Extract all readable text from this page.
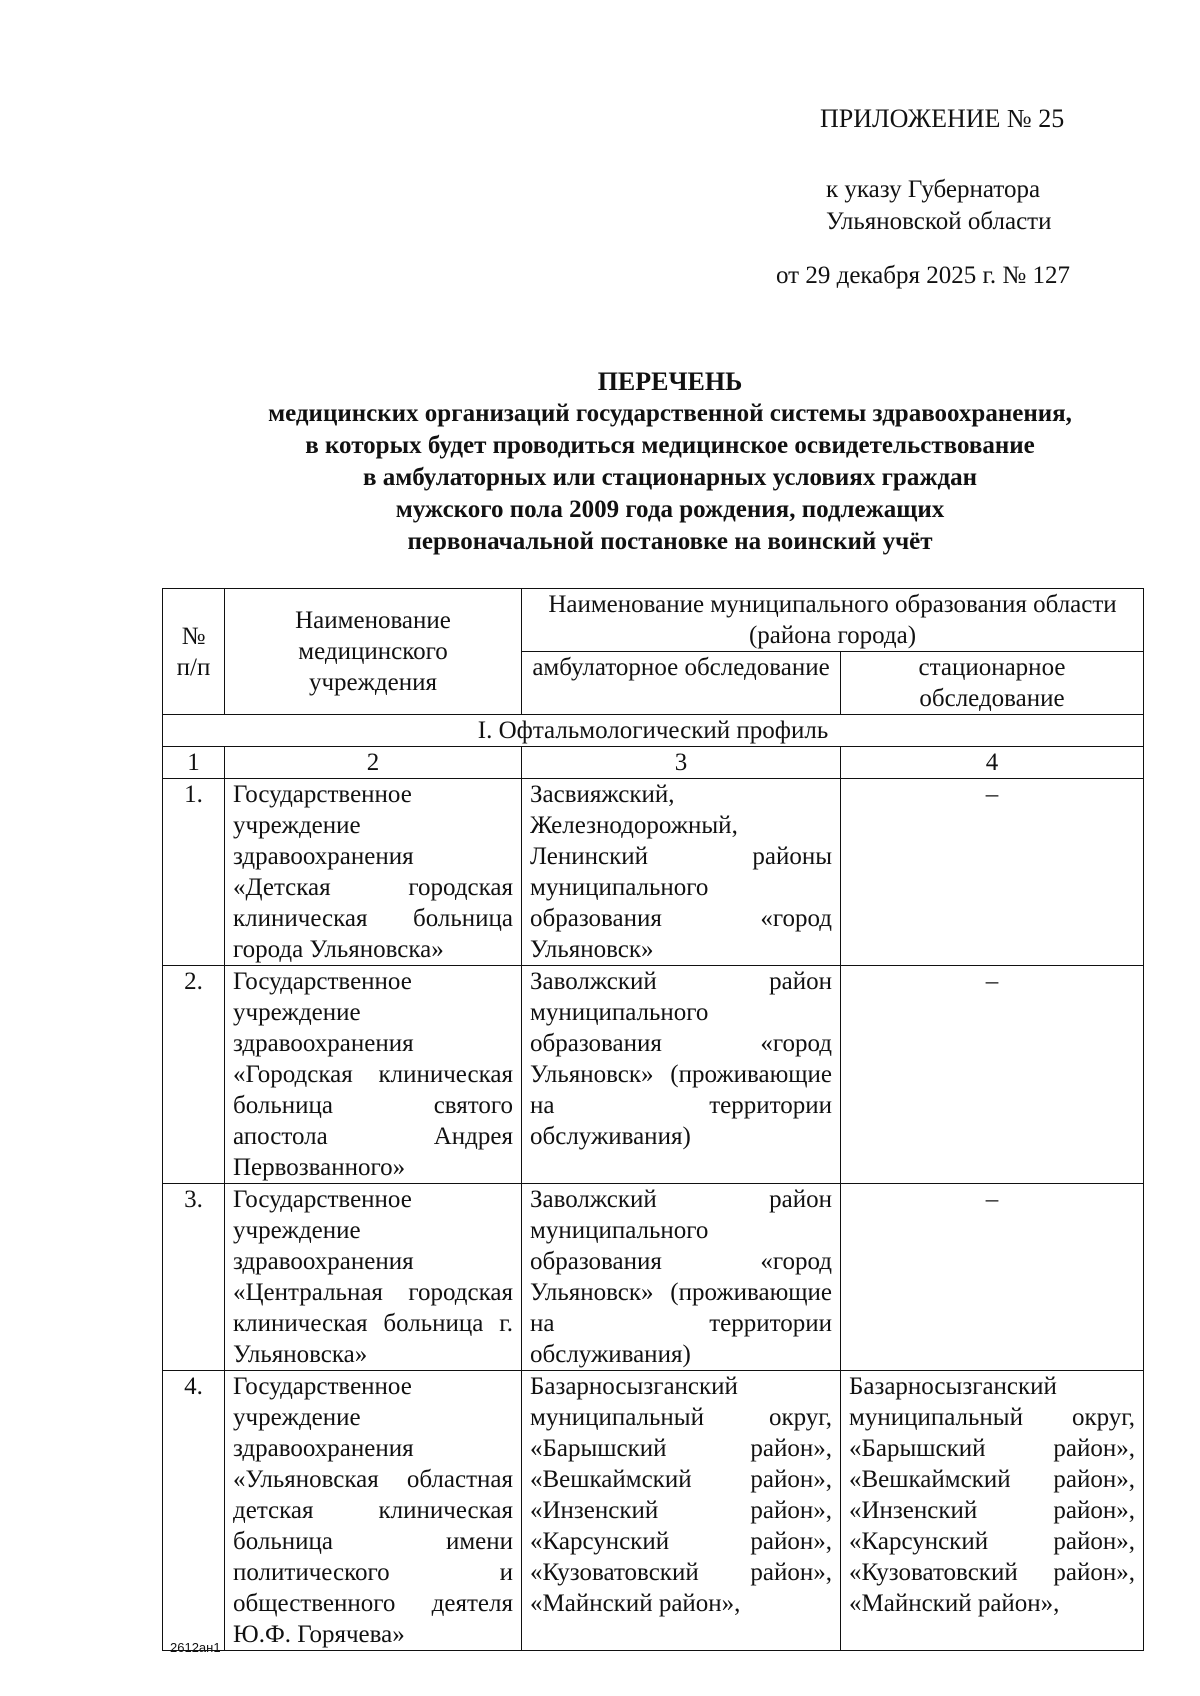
ПРИЛОЖЕНИЕ № 25
к указу Губернатора
Ульяновской области
от 29 декабря 2025 г. № 127
ПЕРЕЧЕНЬ
медицинских организаций государственной системы здравоохранения,
в которых будет проводиться медицинское освидетельствование
в амбулаторных или стационарных условиях граждан
мужского пола 2009 года рождения, подлежащих
первоначальной постановке на воинский учёт
№ п/п	Наименование медицинского учреждения	Наименование муниципального образования области (района города)	
		амбулаторное обследование	стационарное обследование
I. Офтальмологический профиль			
1	2	3	4
1.	Государственное учреждение здравоохранения «Детская городская клиническая больница города Ульяновска»	Засвияжский, Железнодорожный, Ленинский районы муниципального образования «город Ульяновск»	–
2.	Государственное учреждение здравоохранения «Городская клиническая больница святого апостола Андрея Первозванного»	Заволжский район муниципального образования «город Ульяновск» (проживающие на территории обслуживания)	–
3.	Государственное учреждение здравоохранения «Центральная городская клиническая больница г. Ульяновска»	Заволжский район муниципального образования «город Ульяновск» (проживающие на территории обслуживания)	–
4.	Государственное учреждение здравоохранения «Ульяновская областная детская клиническая больница имени политического и общественного деятеля Ю.Ф. Горячева»	Базарносызганский муниципальный округ, «Барышский район», «Вешкаймский район», «Инзенский район», «Карсунский район», «Кузоватовский район», «Майнский район»,	Базарносызганский муниципальный округ, «Барышский район», «Вешкаймский район», «Инзенский район», «Карсунский район», «Кузоватовский район», «Майнский район»,
2612ан1
